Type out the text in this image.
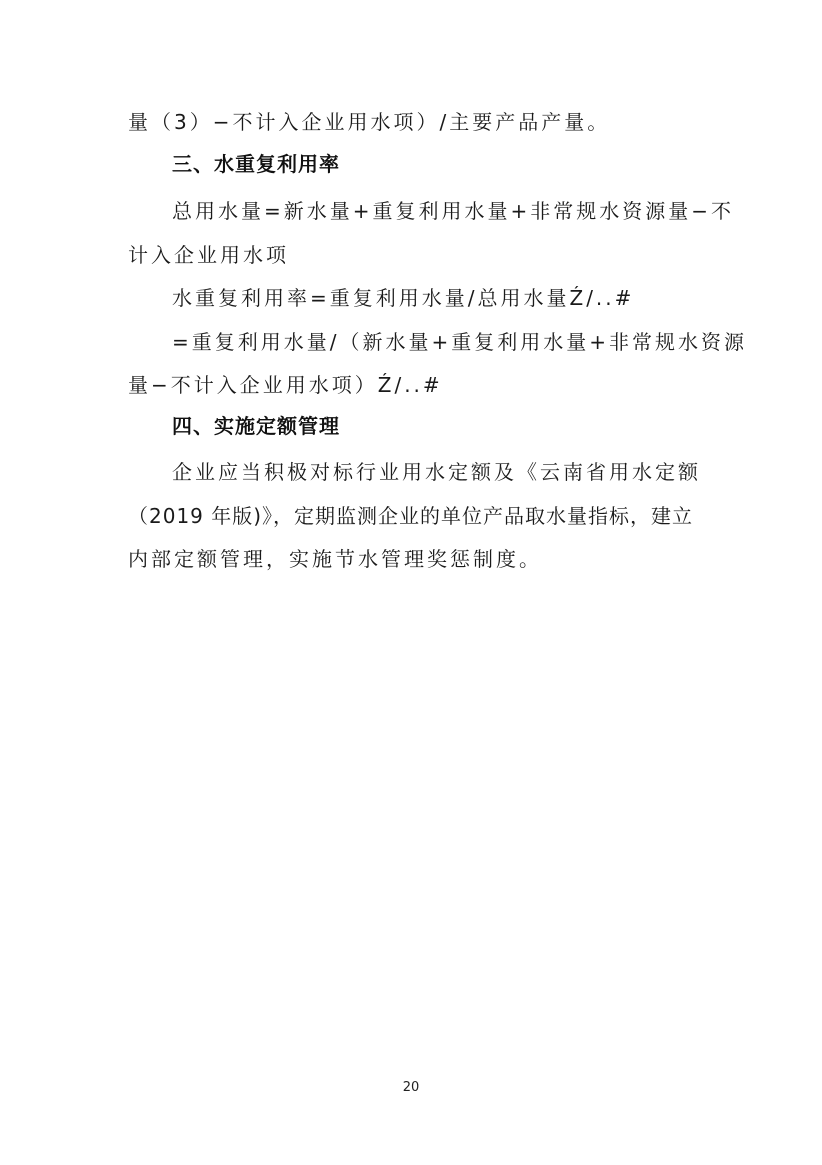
量（3）−不计入企业用水项）/主要产品产量。
三、水重复利用率
总用水量=新水量+重复利用水量+非常规水资源量−不
计入企业用水项
水重复利用率=重复利用水量/总用水量Ź/..#
=重复利用水量/（新水量+重复利用水量+非常规水资源
量−不计入企业用水项）Ź/..#
四、实施定额管理
企业应当积极对标行业用水定额及《云南省用水定额
（2019 年版)》，定期监测企业的单位产品取水量指标，建立
内部定额管理，实施节水管理奖惩制度。
20
